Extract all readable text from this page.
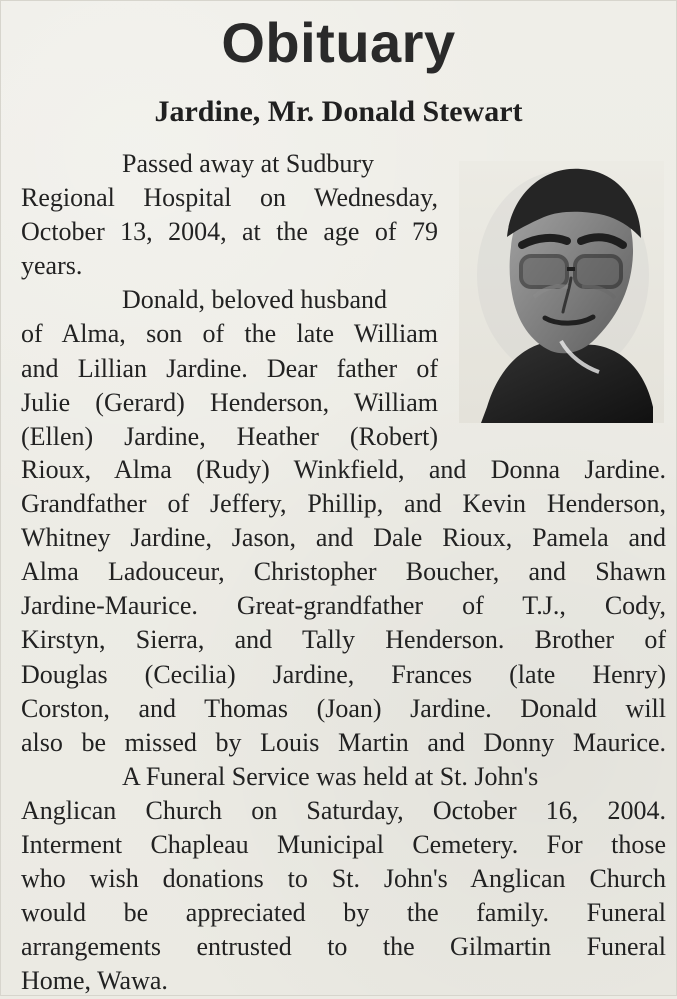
Obituary
Jardine, Mr. Donald Stewart
Passed away at Sudbury
Regional Hospital on Wednesday,
October 13, 2004, at the age of 79
years.
Donald, beloved husband
of Alma, son of the late William
and Lillian Jardine. Dear father of
Julie (Gerard) Henderson, William
(Ellen) Jardine, Heather (Robert)
Rioux, Alma (Rudy) Winkfield, and Donna Jardine.
Grandfather of Jeffery, Phillip, and Kevin Henderson,
Whitney Jardine, Jason, and Dale Rioux, Pamela and
Alma Ladouceur, Christopher Boucher, and Shawn
Jardine-Maurice. Great-grandfather of T.J., Cody,
Kirstyn, Sierra, and Tally Henderson. Brother of
Douglas (Cecilia) Jardine, Frances (late Henry)
Corston, and Thomas (Joan) Jardine. Donald will
also be missed by Louis Martin and Donny Maurice.
A Funeral Service was held at St. John's
Anglican Church on Saturday, October 16, 2004.
Interment Chapleau Municipal Cemetery. For those
who wish donations to St. John's Anglican Church
would be appreciated by the family. Funeral
arrangements entrusted to the Gilmartin Funeral
Home, Wawa.
